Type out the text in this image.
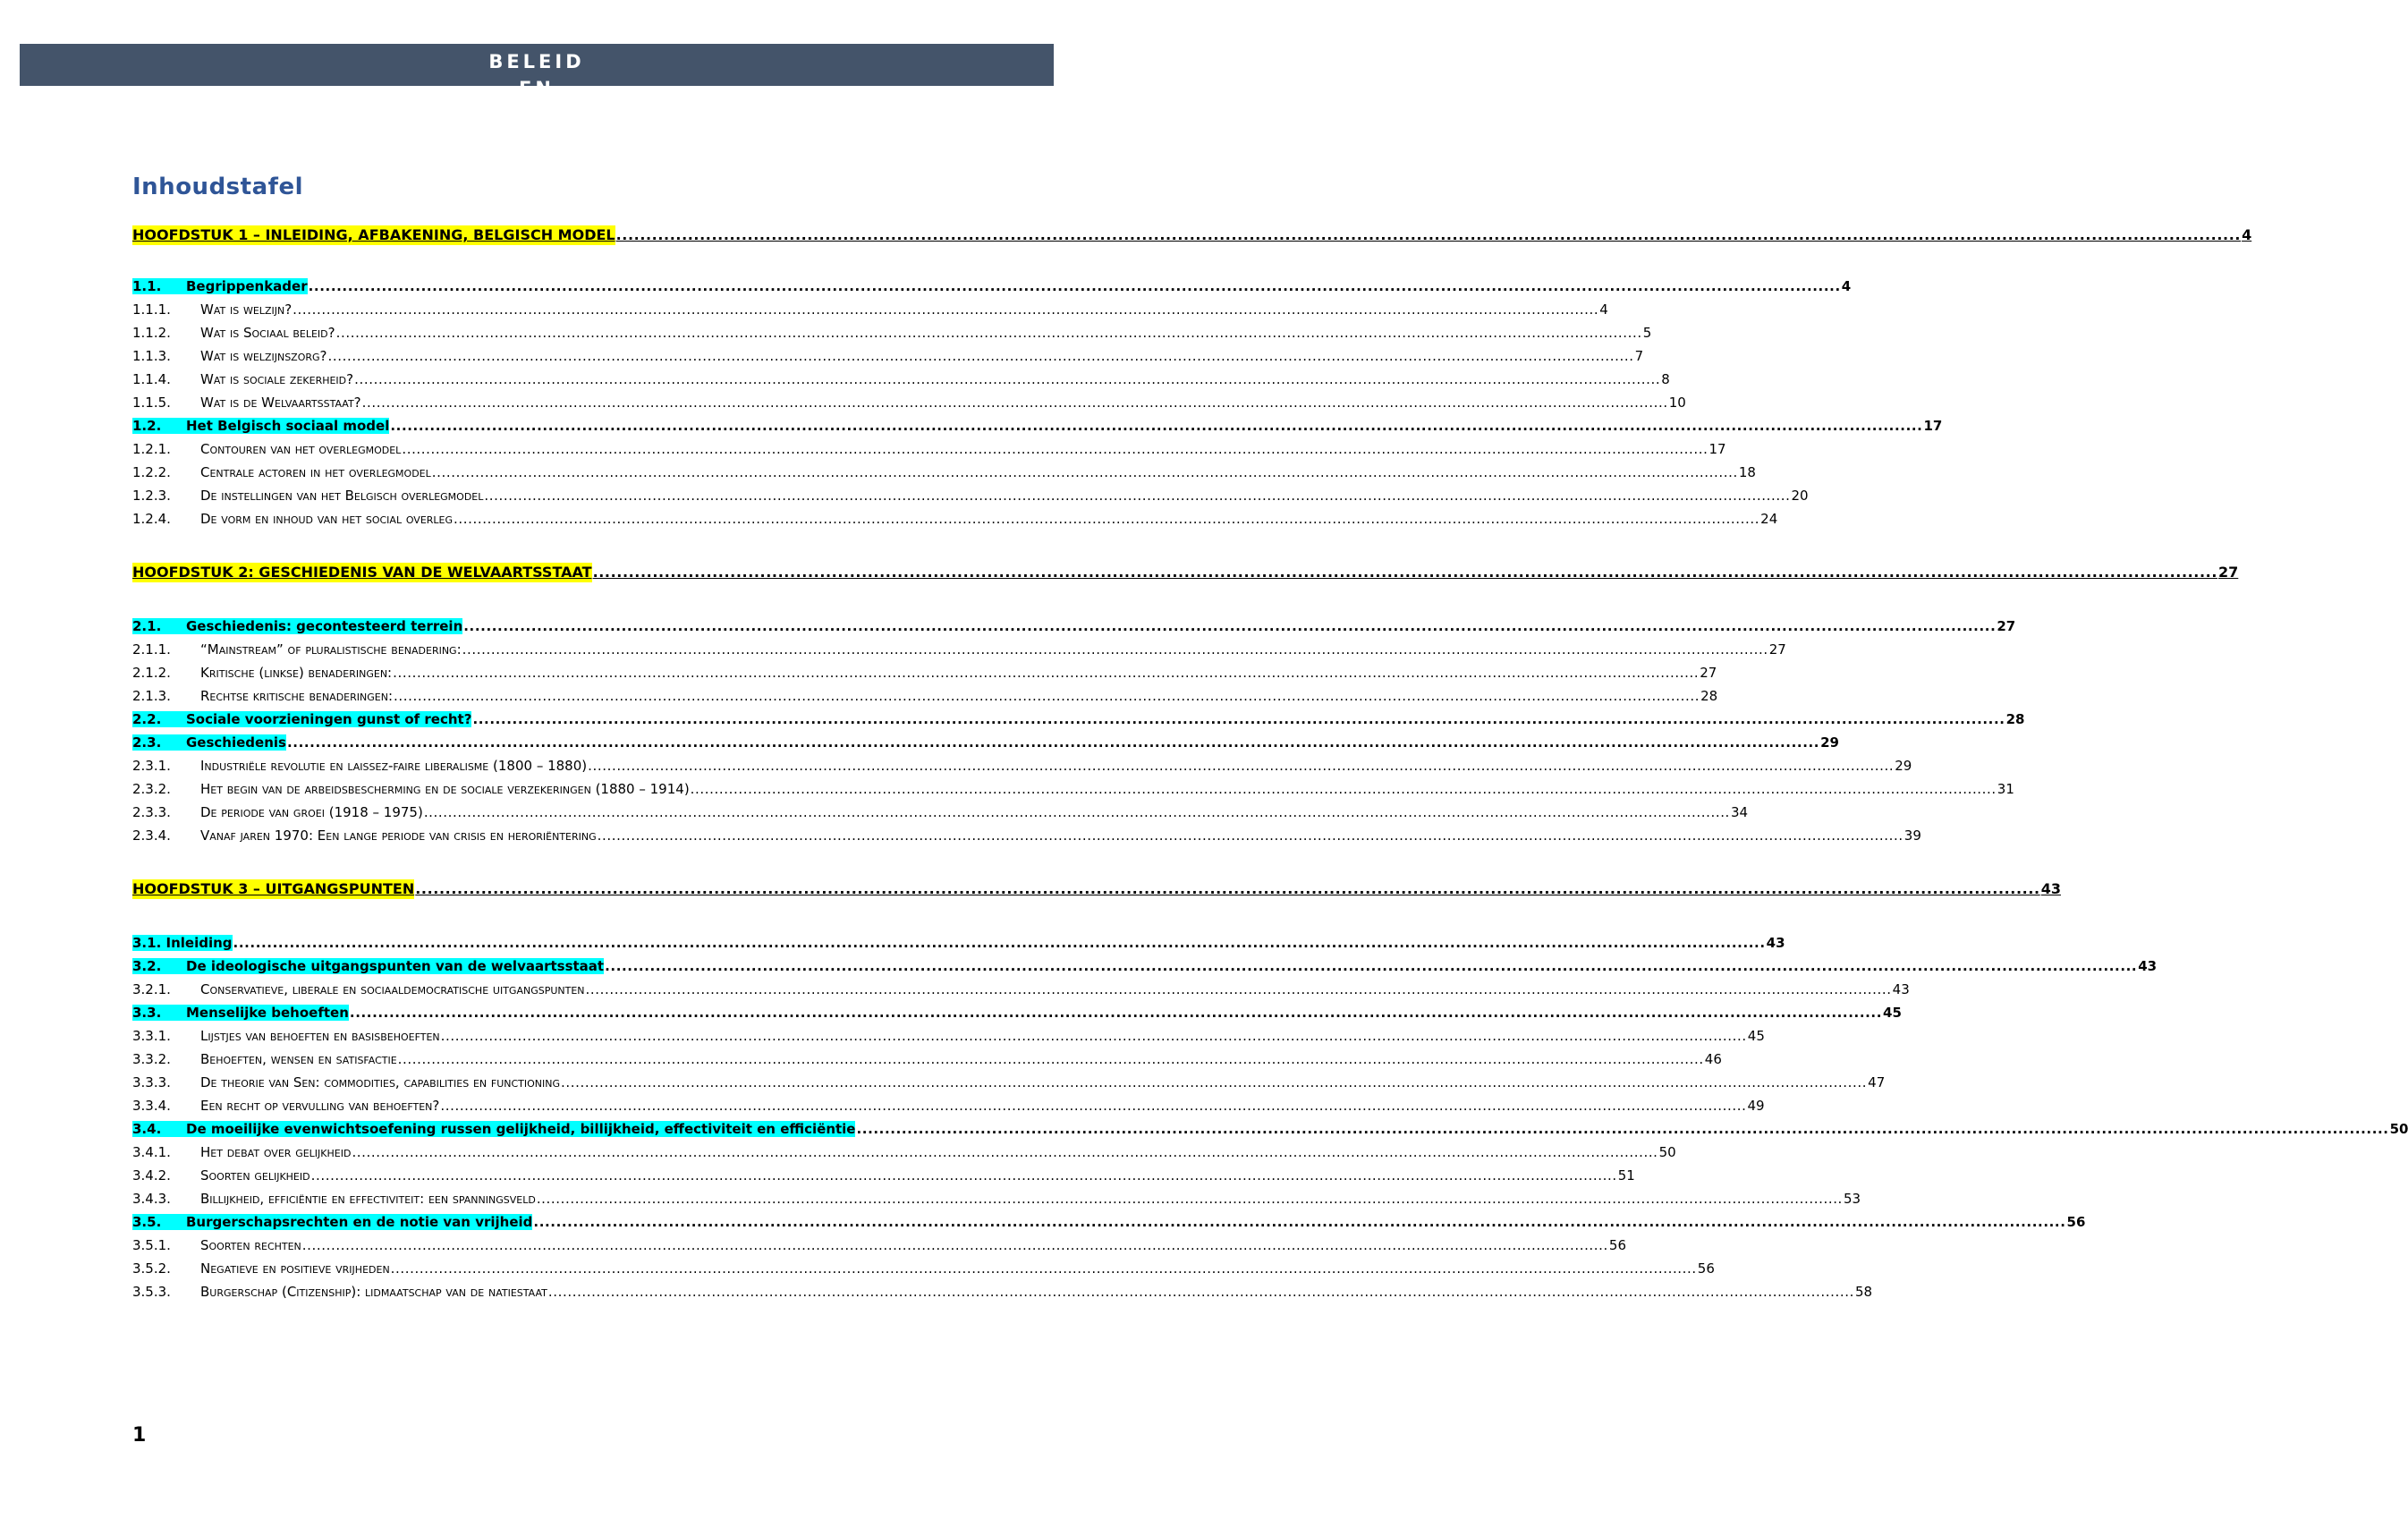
BELEID
EN
Inhoudstafel
HOOFDSTUK 1 – INLEIDING, AFBAKENING, BELGISCH MODEL .....	4
1.1. Begrippenkader .....	4
1.1.1. Wat is welzijn? .....	4
1.1.2. Wat is Sociaal beleid? .....	5
1.1.3. Wat is welzijnszorg? .....	7
1.1.4. Wat is sociale zekerheid? .....	8
1.1.5. Wat is de Welvaartsstaat? .....	10
1.2. Het Belgisch sociaal model .....	17
1.2.1. Contouren van het overlegmodel .....	17
1.2.2. Centrale actoren in het overlegmodel .....	18
1.2.3. De instellingen van het Belgisch overlegmodel .....	20
1.2.4. De vorm en inhoud van het social overleg .....	24
HOOFDSTUK 2: GESCHIEDENIS VAN DE WELVAARTSSTAAT .....	27
2.1. Geschiedenis: gecontesteerd terrein .....	27
2.1.1. “Mainstream” of pluralistische benadering: .....	27
2.1.2. Kritische (linkse) benaderingen: .....	27
2.1.3. Rechtse kritische benaderingen: .....	28
2.2. Sociale voorzieningen gunst of recht? .....	28
2.3. Geschiedenis .....	29
2.3.1. Industriële revolutie en laissez-faire liberalisme (1800 – 1880) .....	29
2.3.2. Het begin van de arbeidsbescherming en de sociale verzekeringen (1880 – 1914) .....	31
2.3.3. De periode van groei (1918 – 1975) .....	34
2.3.4. Vanaf jaren 1970: Een lange periode van crisis en heroriëntering .....	39
HOOFDSTUK 3 – UITGANGSPUNTEN .....	43
3.1. Inleiding .....	43
3.2. De ideologische uitgangspunten van de welvaartsstaat .....	43
3.2.1. Conservatieve, liberale en sociaaldemocratische uitgangspunten .....	43
3.3. Menselijke behoeften .....	45
3.3.1. Lijstjes van behoeften en basisbehoeften .....	45
3.3.2. Behoeften, wensen en satisfactie .....	46
3.3.3. De theorie van Sen: commodities, capabilities en functioning .....	47
3.3.4. Een recht op vervulling van behoeften? .....	49
3.4. De moeilijke evenwichtsoefening russen gelijkheid, billijkheid, effectiviteit en efficiëntie .....	50
3.4.1. Het debat over gelijkheid .....	50
3.4.2. Soorten gelijkheid .....	51
3.4.3. Billijkheid, efficiëntie en effectiviteit: een spanningsveld .....	53
3.5. Burgerschapsrechten en de notie van vrijheid .....	56
3.5.1. Soorten rechten .....	56
3.5.2. Negatieve en positieve vrijheden .....	56
3.5.3. Burgerschap (Citizenship): lidmaatschap van de natiestaat .....	58
1
